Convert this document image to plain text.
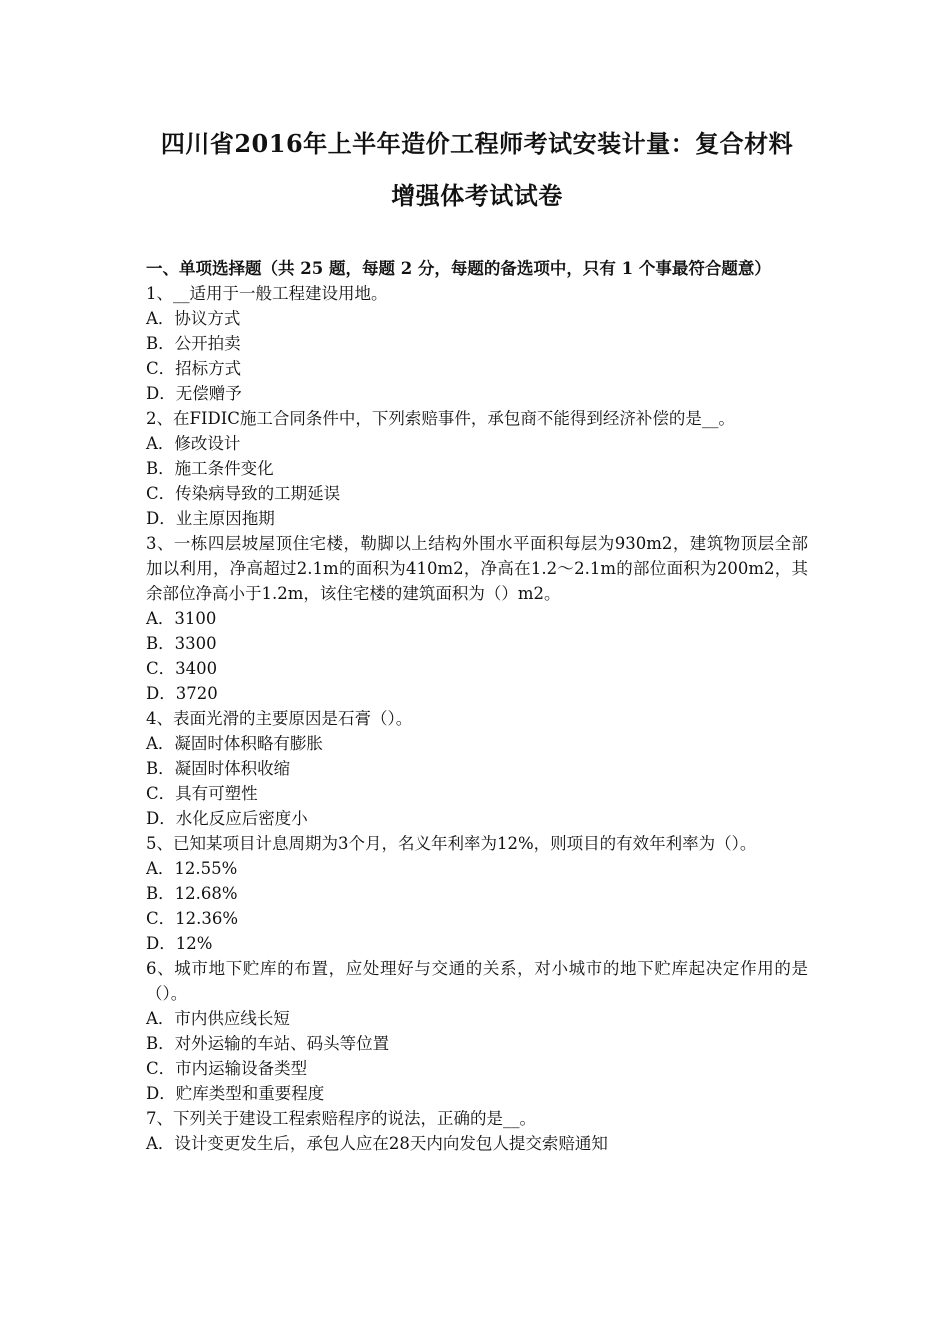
四川省2016年上半年造价工程师考试安装计量：复合材料
增强体考试试卷
一、单项选择题（共 25 题，每题 2 分，每题的备选项中，只有 1 个事最符合题意）
1、__适用于一般工程建设用地。
A．协议方式
B．公开拍卖
C．招标方式
D．无偿赠予
2、在FIDIC施工合同条件中，下列索赔事件，承包商不能得到经济补偿的是__。
A．修改设计
B．施工条件变化
C．传染病导致的工期延误
D．业主原因拖期
3、一栋四层坡屋顶住宅楼，勒脚以上结构外围水平面积每层为930m2，建筑物顶层全部加以利用，净高超过2.1m的面积为410m2，净高在1.2～2.1m的部位面积为200m2，其余部位净高小于1.2m，该住宅楼的建筑面积为（）m2。
A．3100
B．3300
C．3400
D．3720
4、表面光滑的主要原因是石膏（）。
A．凝固时体积略有膨胀
B．凝固时体积收缩
C．具有可塑性
D．水化反应后密度小
5、已知某项目计息周期为3个月，名义年利率为12%，则项目的有效年利率为（）。
A．12.55%
B．12.68%
C．12.36%
D．12%
6、城市地下贮库的布置，应处理好与交通的关系，对小城市的地下贮库起决定作用的是（）。
A．市内供应线长短
B．对外运输的车站、码头等位置
C．市内运输设备类型
D．贮库类型和重要程度
7、下列关于建设工程索赔程序的说法，正确的是__。
A．设计变更发生后，承包人应在28天内向发包人提交索赔通知
